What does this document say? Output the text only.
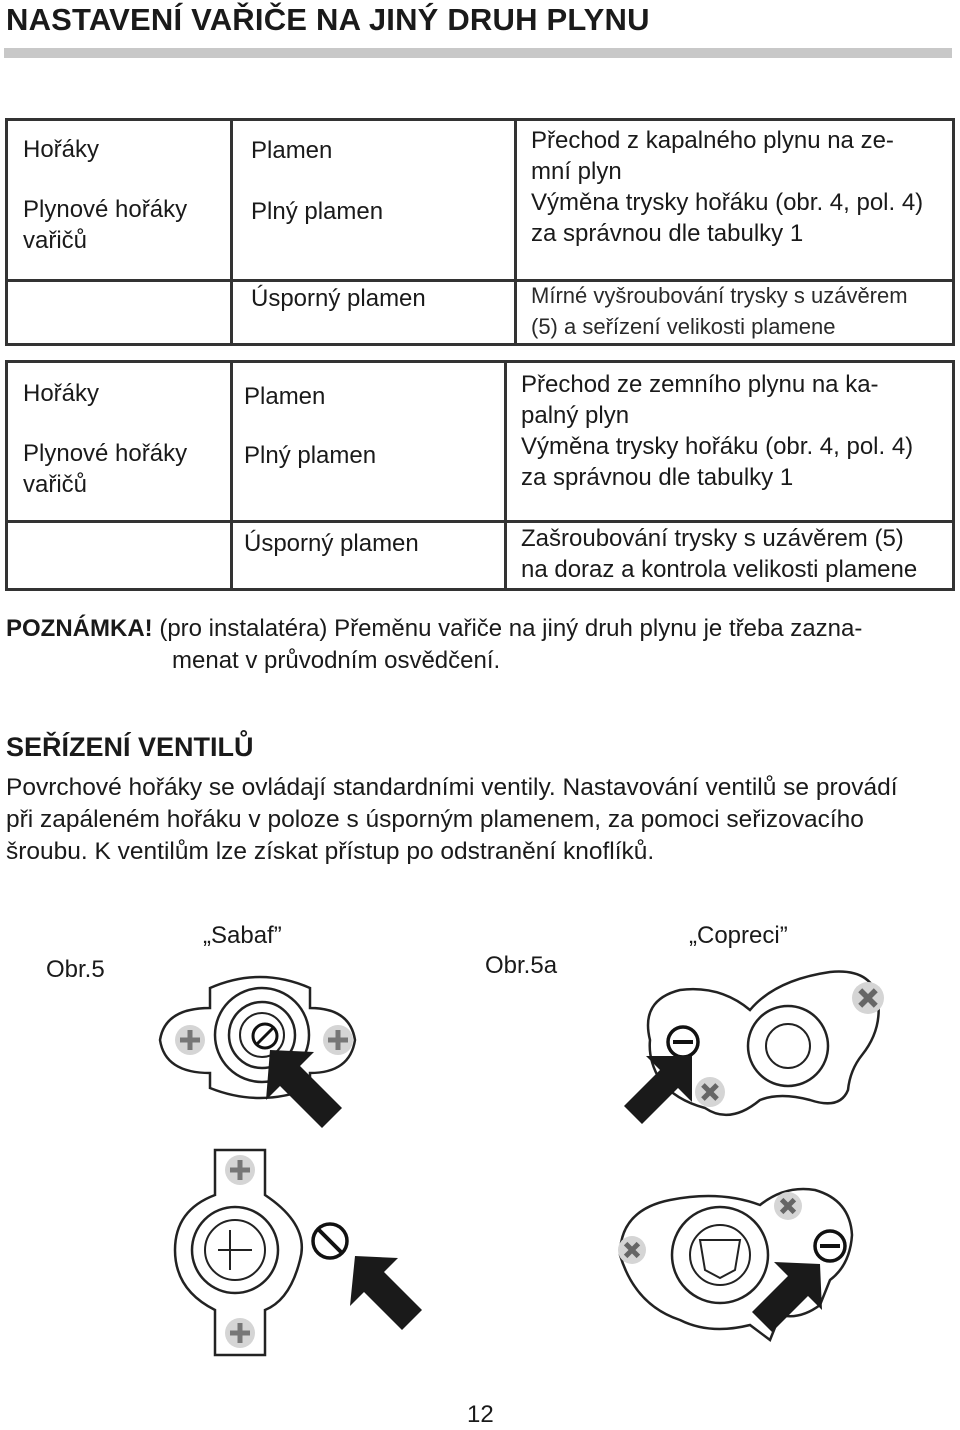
NASTAVENÍ VAŘIČE NA JINÝ DRUH PLYNU
Hořáky
Plynové hořáky
vařičů
Plamen
Plný plamen
Úsporný plamen
Přechod z kapalného plynu na ze-
mní plyn
Výměna trysky hořáku (obr. 4, pol. 4)
za správnou dle tabulky 1
Mírné vyšroubování trysky s uzávěrem
(5) a seřízení velikosti plamene
Hořáky
Plynové hořáky
vařičů
Plamen
Plný plamen
Úsporný plamen
Přechod ze zemního plynu na ka-
palný plyn
Výměna trysky hořáku (obr. 4, pol. 4)
za správnou dle tabulky 1
Zašroubování trysky s uzávěrem (5)
na doraz a kontrola velikosti plamene
POZNÁMKA! (pro instalatéra) Přeměnu vařiče na jiný druh plynu je třeba zazna-
menat v průvodním osvědčení.
SEŘÍZENÍ VENTILŮ
Povrchové hořáky se ovládají standardními ventily. Nastavování ventilů se provádí
při zapáleném hořáku v poloze s úsporným plamenem, za pomoci seřizovacího
šroubu. K ventilům lze získat přístup po odstranění knoflíků.
Obr.5
„Sabaf”
Obr.5a
„Copreci”
12
